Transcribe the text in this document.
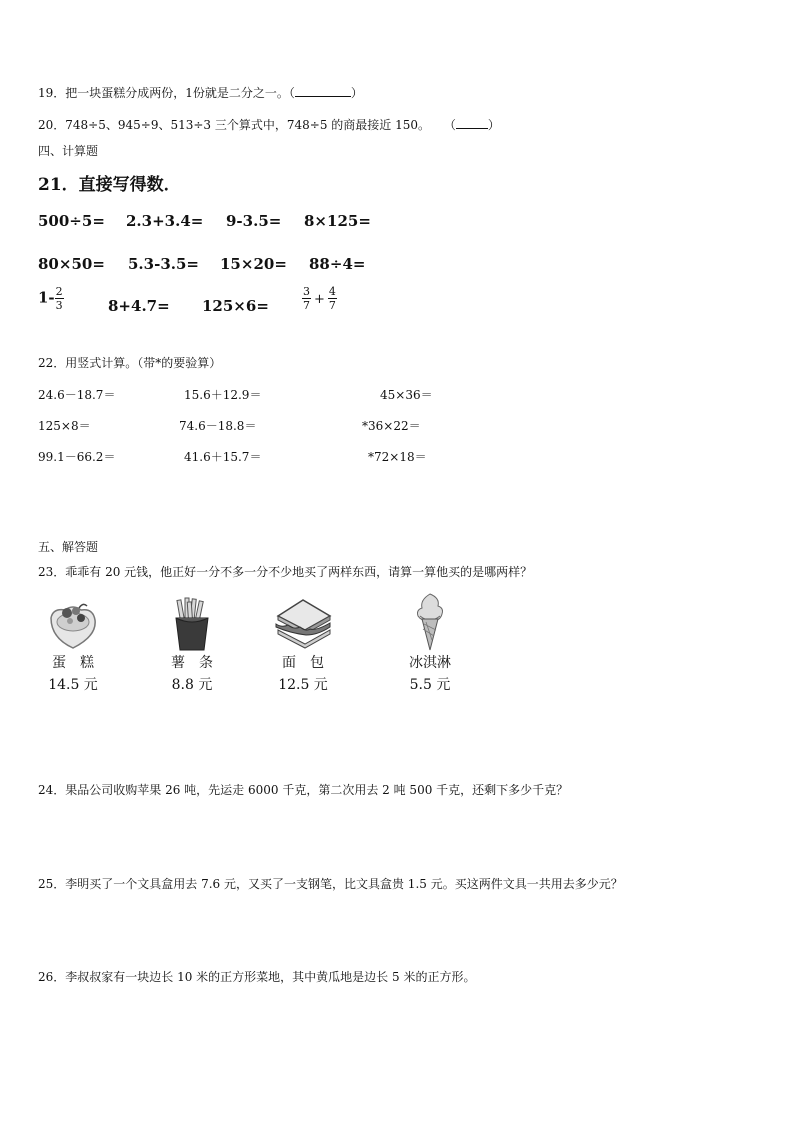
19．把一块蛋糕分成两份，1份就是二分之一。（	）
20．748÷5、945÷9、513÷3 三个算式中，748÷5 的商最接近 150。 （	）
四、计算题
21．直接写得数．
500÷5= 2.3+3.4= 9-3.5= 8×125=
80×50= 5.3-3.5= 15×20= 88÷4=
$1- \frac{2}{3}$	8+4.7= 125×6=	$\frac{3}{7} + \frac{4}{7}$
22．用竖式计算。（带*的要验算）
24.6－18.7＝	15.6＋12.9＝	45×36＝
125×8＝	74.6－18.8＝	*36×22＝
99.1－66.2＝	41.6＋15.7＝	*72×18＝
五、解答题
23．乖乖有 20 元钱，他正好一分不多一分不少地买了两样东西，请算一算他买的是哪两样？
蛋糕
14.5 元
薯条
8.8 元
面包
12.5 元
冰淇淋
5.5 元
24．果品公司收购苹果 26 吨，先运走 6000 千克，第二次用去 2 吨 500 千克，还剩下多少千克？
25．李明买了一个文具盒用去 7.6 元，又买了一支钢笔，比文具盒贵 1.5 元。买这两件文具一共用去多少元？
26．李叔叔家有一块边长 10 米的正方形菜地，其中黄瓜地是边长 5 米的正方形。
